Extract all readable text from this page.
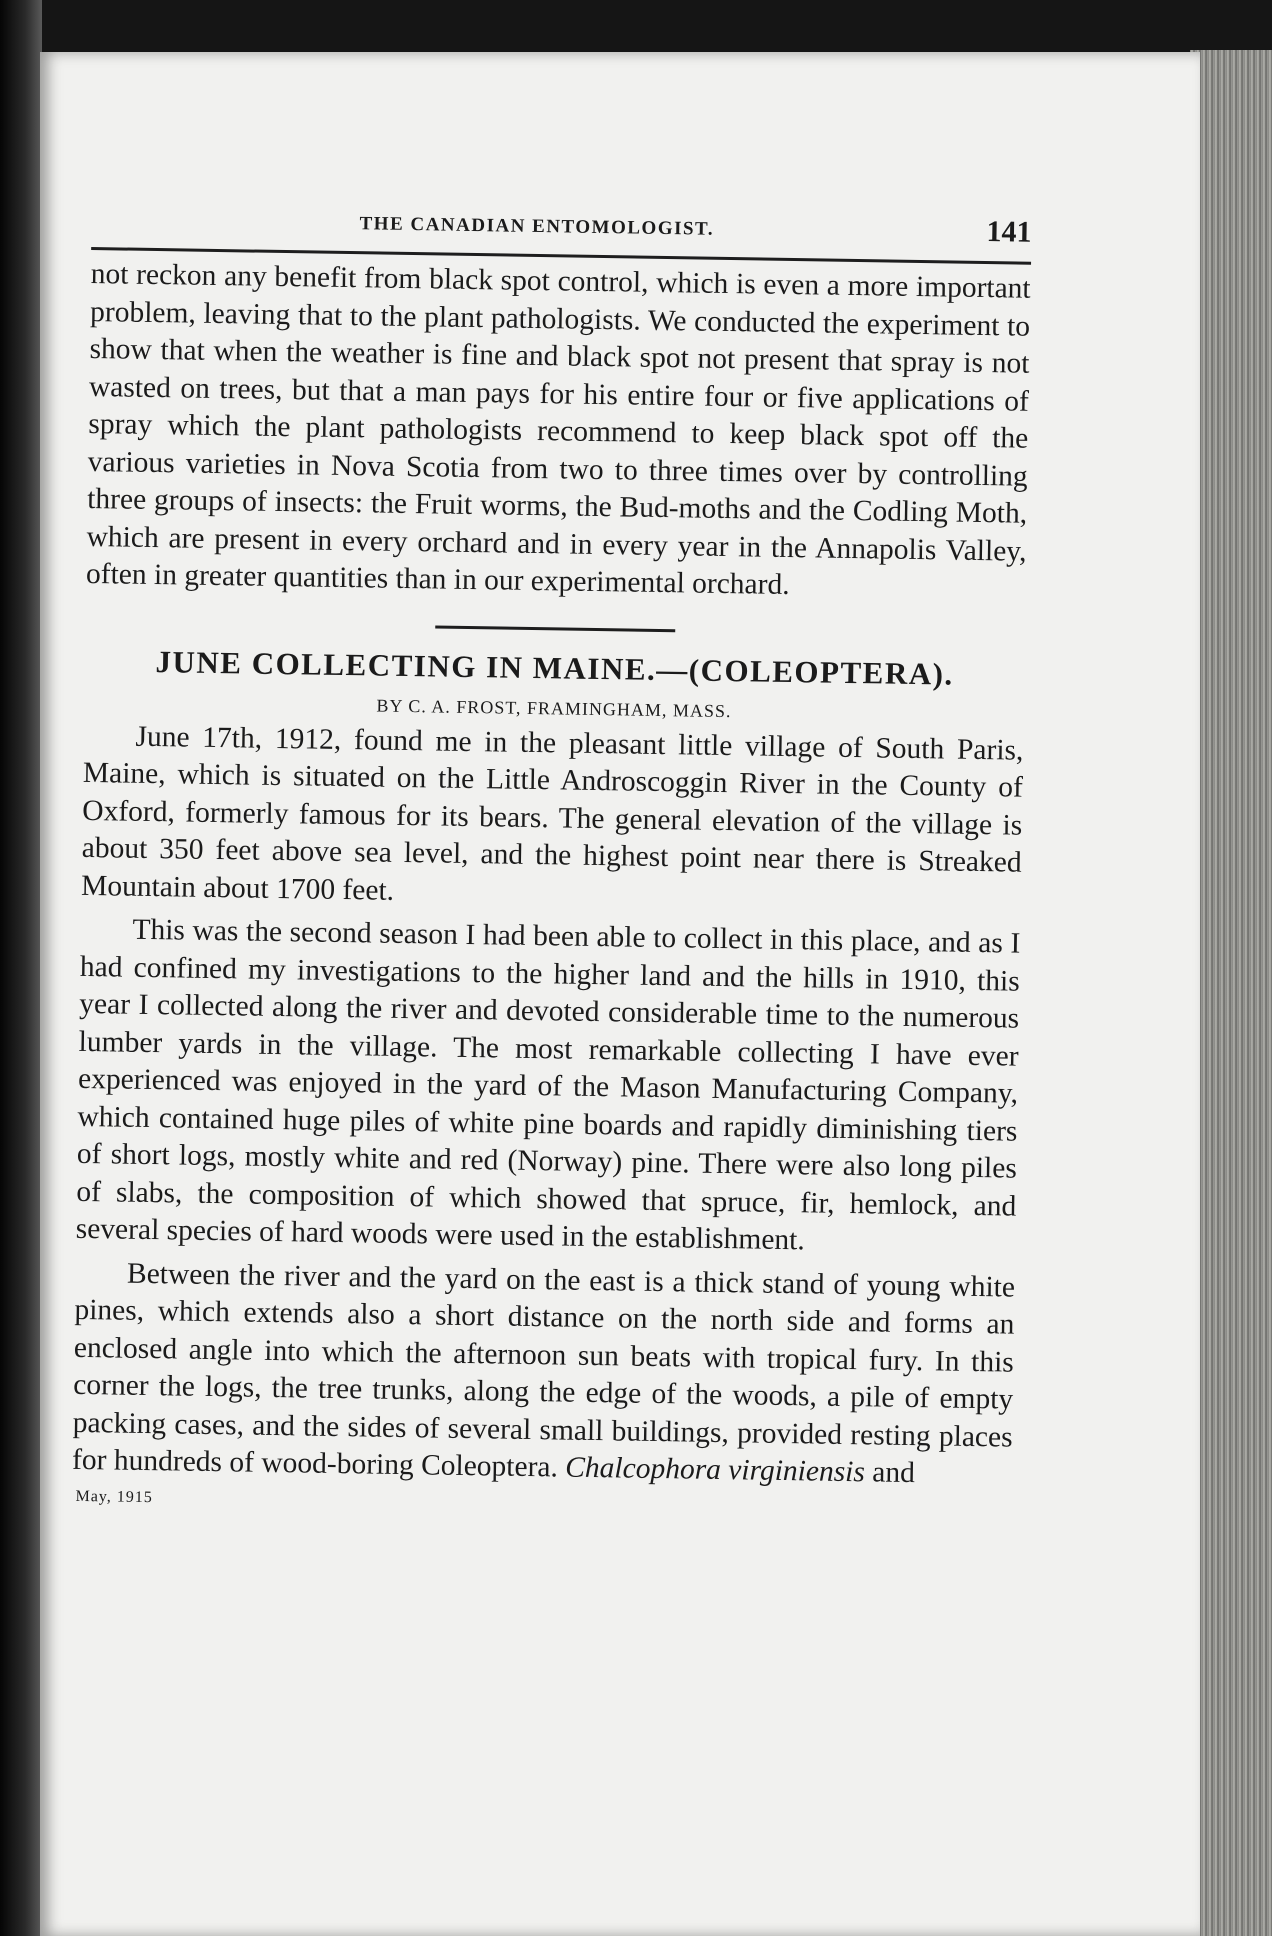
THE CANADIAN ENTOMOLOGIST.	141

not reckon any benefit from black spot control, which is even a more important problem, leaving that to the plant pathologists. We conducted the experiment to show that when the weather is fine and black spot not present that spray is not wasted on trees, but that a man pays for his entire four or five applications of spray which the plant pathologists recommend to keep black spot off the various varieties in Nova Scotia from two to three times over by controlling three groups of insects: the Fruit worms, the Bud-moths and the Codling Moth, which are present in every orchard and in every year in the Annapolis Valley, often in greater quantities than in our experimental orchard.

JUNE COLLECTING IN MAINE.—(COLEOPTERA).
BY C. A. FROST, FRAMINGHAM, MASS.

June 17th, 1912, found me in the pleasant little village of South Paris, Maine, which is situated on the Little Androscoggin River in the County of Oxford, formerly famous for its bears. The general elevation of the village is about 350 feet above sea level, and the highest point near there is Streaked Mountain about 1700 feet.

This was the second season I had been able to collect in this place, and as I had confined my investigations to the higher land and the hills in 1910, this year I collected along the river and devoted considerable time to the numerous lumber yards in the village. The most remarkable collecting I have ever experienced was enjoyed in the yard of the Mason Manufacturing Company, which contained huge piles of white pine boards and rapidly diminishing tiers of short logs, mostly white and red (Norway) pine. There were also long piles of slabs, the composition of which showed that spruce, fir, hemlock, and several species of hard woods were used in the establishment.

Between the river and the yard on the east is a thick stand of young white pines, which extends also a short distance on the north side and forms an enclosed angle into which the afternoon sun beats with tropical fury. In this corner the logs, the tree trunks, along the edge of the woods, a pile of empty packing cases, and the sides of several small buildings, provided resting places for hundreds of wood-boring Coleoptera. Chalcophora virginiensis and

May, 1915
